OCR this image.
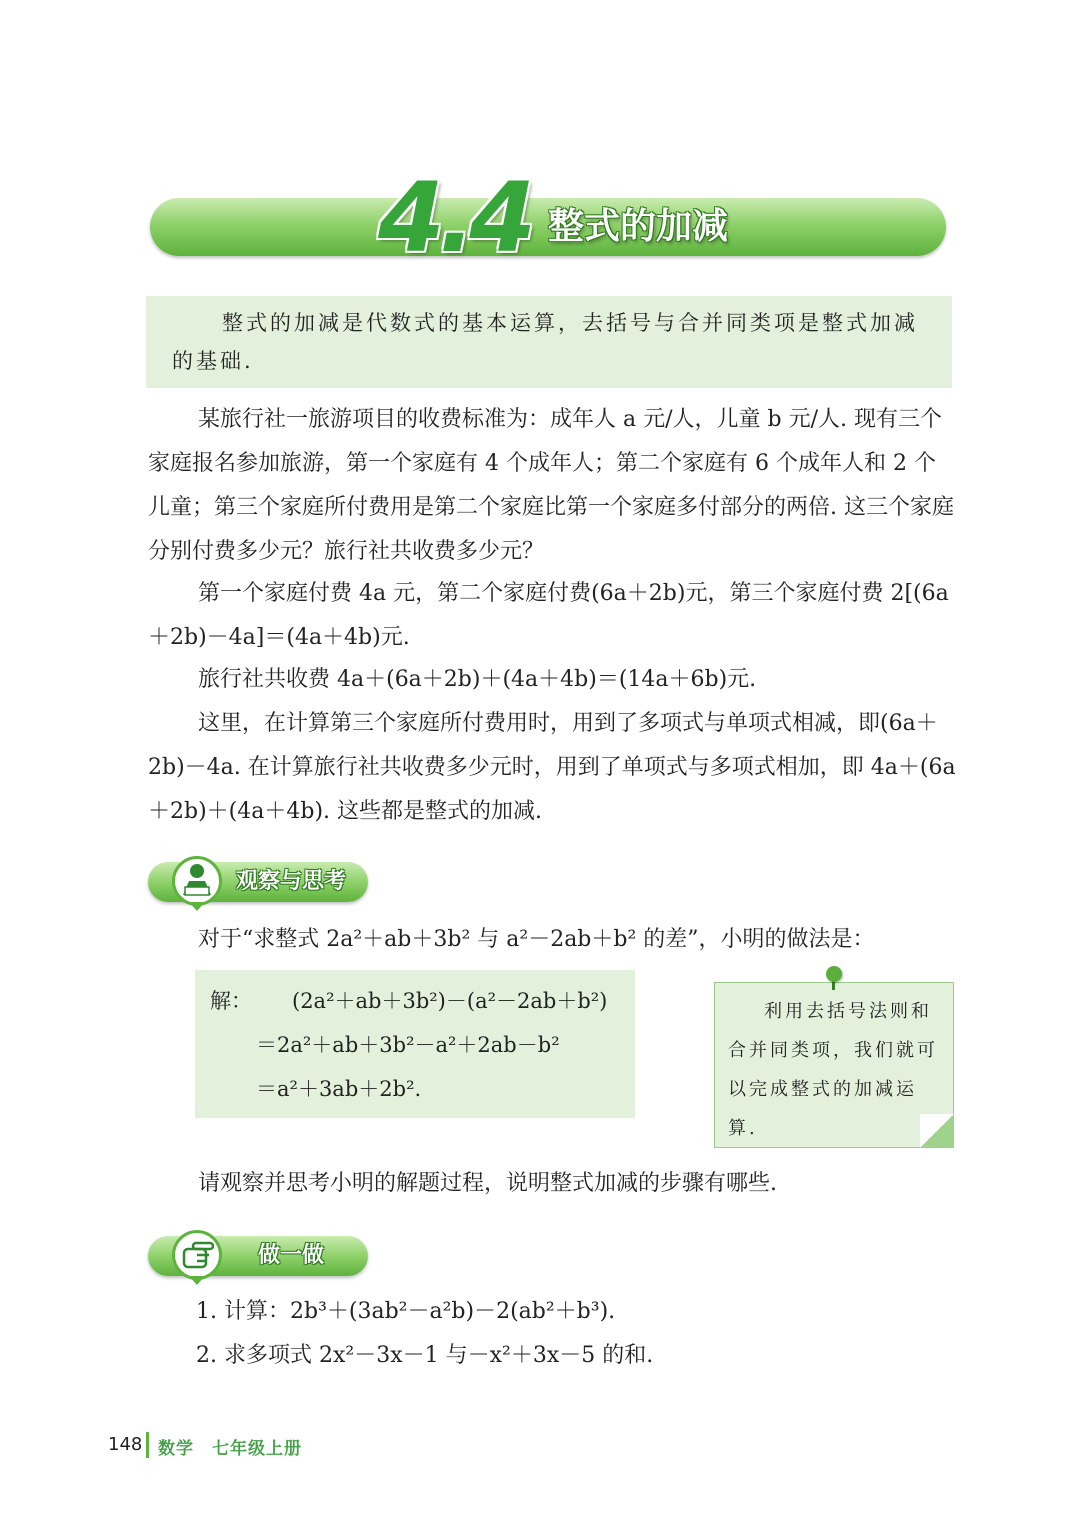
4.4 整式的加减
整式的加减是代数式的基本运算，去括号与合并同类项是整式加减的基础.
某旅行社一旅游项目的收费标准为：成年人 a 元/人，儿童 b 元/人. 现有三个家庭报名参加旅游，第一个家庭有 4 个成年人；第二个家庭有 6 个成年人和 2 个儿童；第三个家庭所付费用是第二个家庭比第一个家庭多付部分的两倍. 这三个家庭分别付费多少元？旅行社共收费多少元？
第一个家庭付费 4a 元，第二个家庭付费(6a＋2b)元，第三个家庭付费 2[(6a＋2b)－4a]＝(4a＋4b)元.
旅行社共收费 4a＋(6a＋2b)＋(4a＋4b)＝(14a＋6b)元.
这里，在计算第三个家庭所付费用时，用到了多项式与单项式相减，即(6a＋2b)－4a. 在计算旅行社共收费多少元时，用到了单项式与多项式相加，即 4a＋(6a＋2b)＋(4a＋4b). 这些都是整式的加减.
观察与思考
对于“求整式 2a²＋ab＋3b² 与 a²－2ab＋b² 的差”，小明的做法是：
解： (2a²＋ab＋3b²)－(a²－2ab＋b²)
＝2a²＋ab＋3b²－a²＋2ab－b²
＝a²＋3ab＋2b².
利用去括号法则和合并同类项，我们就可以完成整式的加减运算.
请观察并思考小明的解题过程，说明整式加减的步骤有哪些.
做一做
1. 计算：2b³＋(3ab²－a²b)－2(ab²＋b³).
2. 求多项式 2x²－3x－1 与－x²＋3x－5 的和.
148 数学　七年级上册
